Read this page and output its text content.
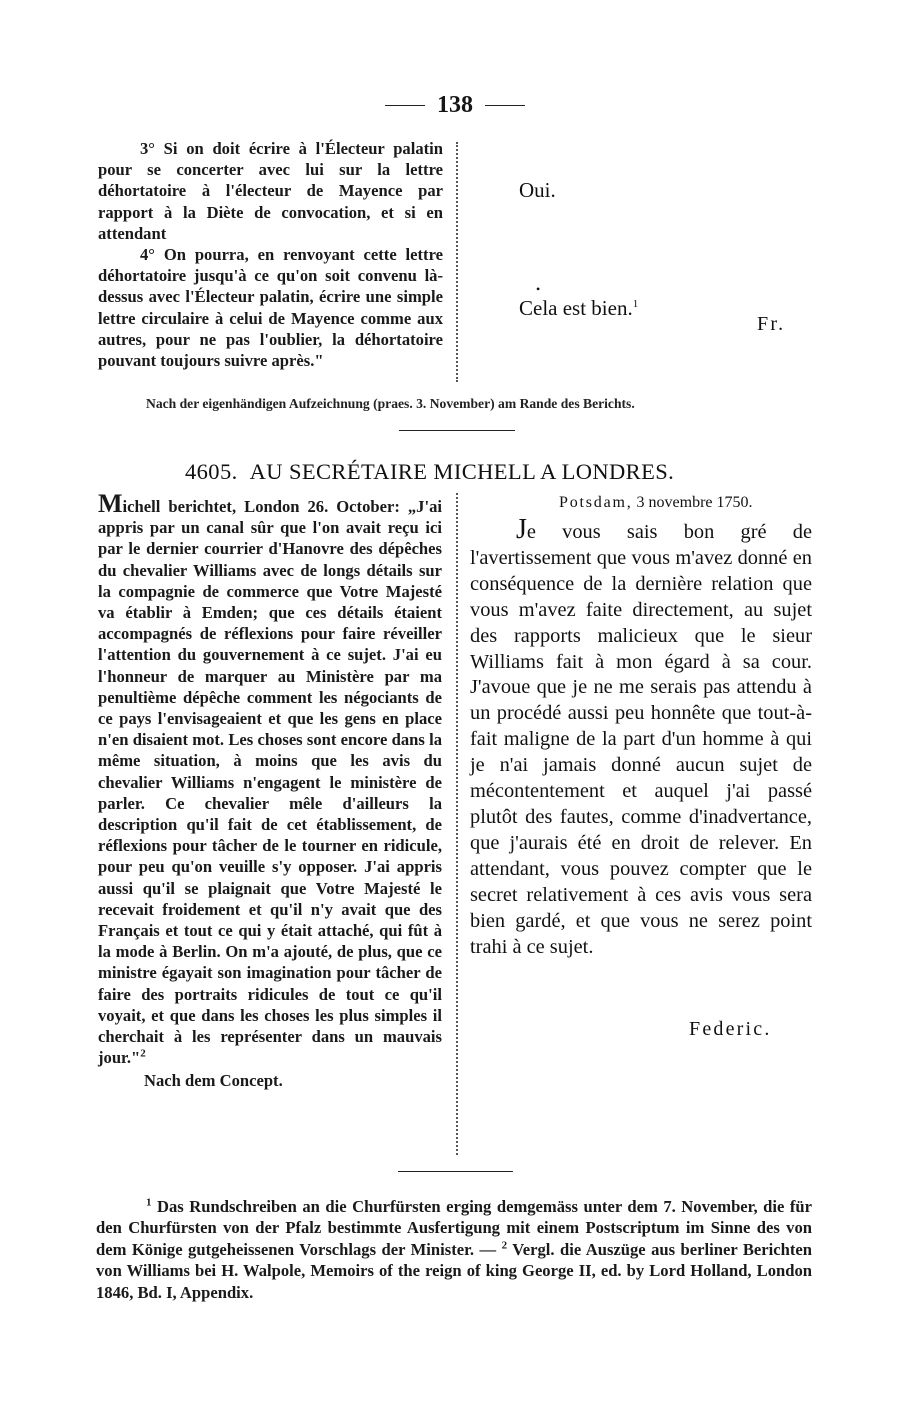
138

3° Si on doit écrire à l'Électeur palatin pour se concerter avec lui sur la lettre déhortatoire à l'électeur de Mayence par rapport à la Diète de convocation, et si en attendant

4° On pourra, en renvoyant cette lettre déhortatoire jusqu'à ce qu'on soit convenu là-dessus avec l'Électeur palatin, écrire une simple lettre circulaire à celui de Mayence comme aux autres, pour ne pas l'oublier, la déhortatoire pouvant toujours suivre après."

Oui.
•
Cela est bien.$^1$
Fr.
Nach der eigenhändigen Aufzeichnung (praes. 3. November) am Rande des Berichts.
4605. AU SECRÉTAIRE MICHELL A LONDRES.

Michell berichtet, London 26. October: „J'ai appris par un canal sûr que l'on avait reçu ici par le dernier courrier d'Hanovre des dépêches du chevalier Williams avec de longs détails sur la compagnie de commerce que Votre Majesté va établir à Emden; que ces détails étaient accompagnés de réflexions pour faire réveiller l'attention du gouvernement à ce sujet. J'ai eu l'honneur de marquer au Ministère par ma penultième dépêche comment les négociants de ce pays l'envisageaient et que les gens en place n'en disaient mot. Les choses sont encore dans la même situation, à moins que les avis du chevalier Williams n'engagent le ministère de parler. Ce chevalier mêle d'ailleurs la description qu'il fait de cet établissement, de réflexions pour tâcher de le tourner en ridicule, pour peu qu'on veuille s'y opposer. J'ai appris aussi qu'il se plaignait que Votre Majesté le recevait froidement et qu'il n'y avait que des Français et tout ce qui y était attaché, qui fût à la mode à Berlin. On m'a ajouté, de plus, que ce ministre égayait son imagination pour tâcher de faire des portraits ridicules de tout ce qu'il voyait, et que dans les choses les plus simples il cherchait à les représenter dans un mauvais jour."$^2$

Nach dem Concept.

Potsdam, 3 novembre 1750.
Je vous sais bon gré de l'avertissement que vous m'avez donné en conséquence de la dernière relation que vous m'avez faite directement, au sujet des rapports malicieux que le sieur Williams fait à mon égard à sa cour. J'avoue que je ne me serais pas attendu à un procédé aussi peu honnête que tout-à-fait maligne de la part d'un homme à qui je n'ai jamais donné aucun sujet de mécontentement et auquel j'ai passé plutôt des fautes, comme d'inadvertance, que j'aurais été en droit de relever. En attendant, vous pouvez compter que le secret relativement à ces avis vous sera bien gardé, et que vous ne serez point trahi à ce sujet.
Federic.

$^1$ Das Rundschreiben an die Churfürsten erging demgemäss unter dem 7. November, die für den Churfürsten von der Pfalz bestimmte Ausfertigung mit einem Postscriptum im Sinne des von dem Könige gutgeheissenen Vorschlags der Minister. — $^2$ Vergl. die Auszüge aus berliner Berichten von Williams bei H. Walpole, Memoirs of the reign of king George II, ed. by Lord Holland, London 1846, Bd. I, Appendix.
